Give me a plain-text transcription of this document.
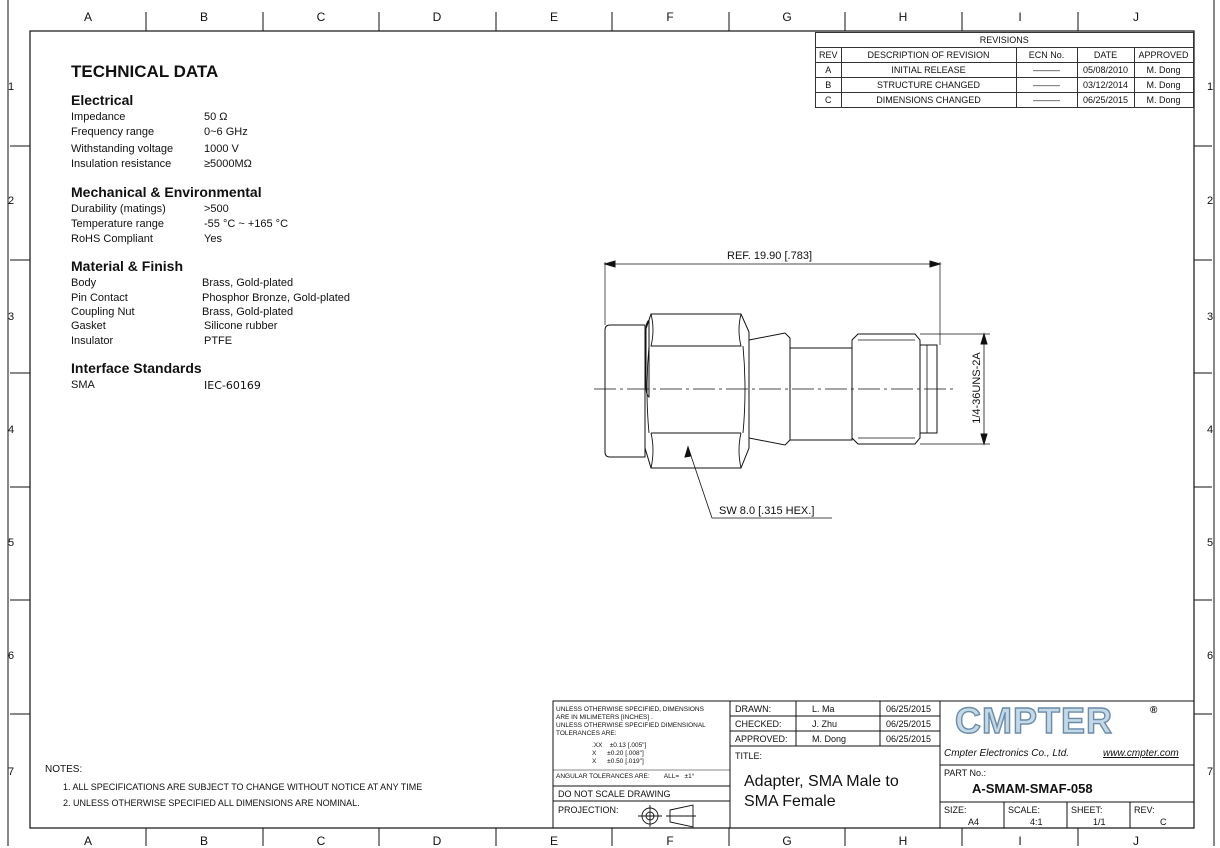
A	B	C	D	E	F	G	H	I	J
A	B	C	D	E	F	G	H	I	J
1
2
3
4
5
6
7
1
2
3
4
5
6
7
TECHNICAL DATA
Electrical
Impedance	50 Ω
Frequency range	0~6 GHz
Withstanding voltage	1000 V
Insulation resistance	≥5000MΩ
Mechanical & Environmental
Durability (matings)	>500
Temperature range	-55 °C ~ +165 °C
RoHS Compliant	Yes
Material & Finish
Body	Brass, Gold-plated
Pin Contact	Phosphor Bronze, Gold-plated
Coupling Nut	Brass, Gold-plated
Gasket	Silicone rubber
Insulator	PTFE
Interface Standards
SMA	IEC-60169
REVISIONS				
REV	DESCRIPTION OF REVISION	ECN No.	DATE	APPROVED
A	INITIAL RELEASE	———	05/08/2010	M. Dong
B	STRUCTURE CHANGED	———	03/12/2014	M. Dong
C	DIMENSIONS CHANGED	———	06/25/2015	M. Dong
REF. 19.90 [.783]
1/4-36UNS-2A
SW 8.0 [.315 HEX.]
NOTES:
1. ALL SPECIFICATIONS ARE SUBJECT TO CHANGE WITHOUT NOTICE AT ANY TIME
2. UNLESS OTHERWISE SPECIFIED ALL DIMENSIONS ARE NOMINAL.
UNLESS OTHERWISE SPECIFIED, DIMENSIONS
ARE IN MILIMETERS [INCHES] .
UNLESS OTHERWISE SPECIFIED DIMENSIONAL
TOLERANCES ARE:
.XX    ±0.13 [.005"]
X      ±0.20 [.008"]
X      ±0.50 [.019"]
ANGULAR TOLERANCES ARE:        ALL=   ±1°
DO NOT SCALE DRAWING
PROJECTION:
DRAWN:	L. Ma	06/25/2015
CHECKED:	J. Zhu	06/25/2015
APPROVED:	M. Dong	06/25/2015
TITLE:
Adapter, SMA Male to
SMA Female
CMPTER	®
Cmpter Electronics Co., Ltd.	www.cmpter.com
PART No.:
A-SMAM-SMAF-058
SIZE:
A4
SCALE:
4:1
SHEET:
1/1
REV:
C
